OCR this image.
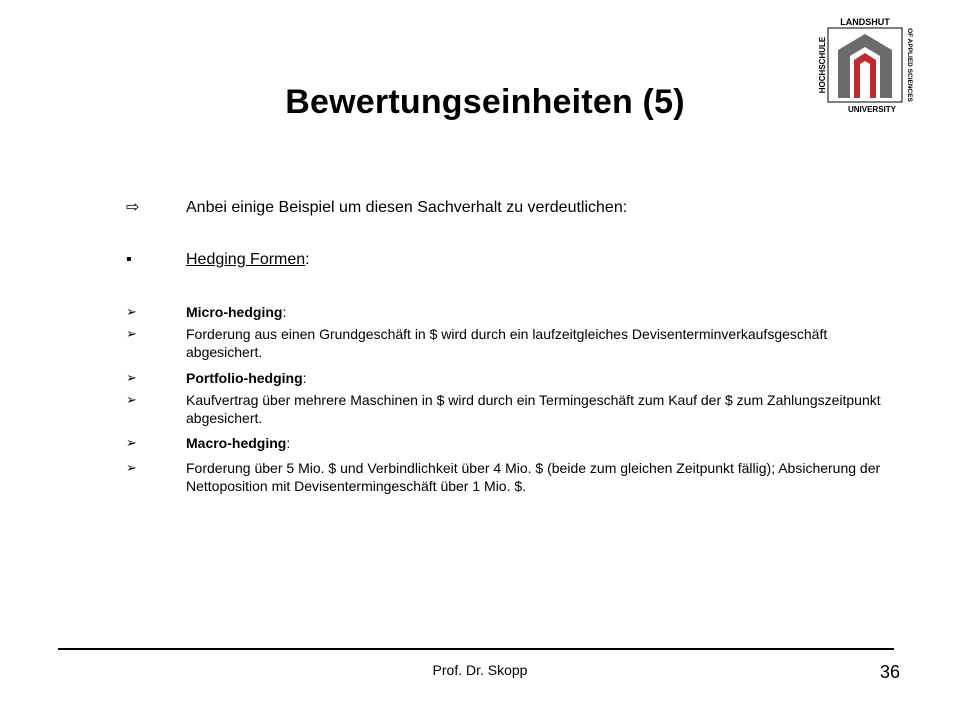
Bewertungseinheiten (5)
LANDSHUT
HOCHSCHULE
UNIVERSITY
OF APPLIED SCIENCES
⇨	Anbei einige Beispiel um diesen Sachverhalt zu verdeutlichen:
▪	Hedging Formen:
➢	Micro-hedging:
➢	Forderung aus einen Grundgeschäft in $ wird durch ein laufzeitgleiches Devisenterminverkaufsgeschäft abgesichert.
➢	Portfolio-hedging:
➢	Kaufvertrag über mehrere Maschinen in $ wird durch ein Termingeschäft zum Kauf der $ zum Zahlungszeitpunkt abgesichert.
➢	Macro-hedging:
➢	Forderung über 5 Mio. $ und Verbindlichkeit über 4 Mio. $ (beide zum gleichen Zeitpunkt fällig); Absicherung der Nettoposition mit Devisentermingeschäft über 1 Mio. $.
Prof. Dr. Skopp	36
